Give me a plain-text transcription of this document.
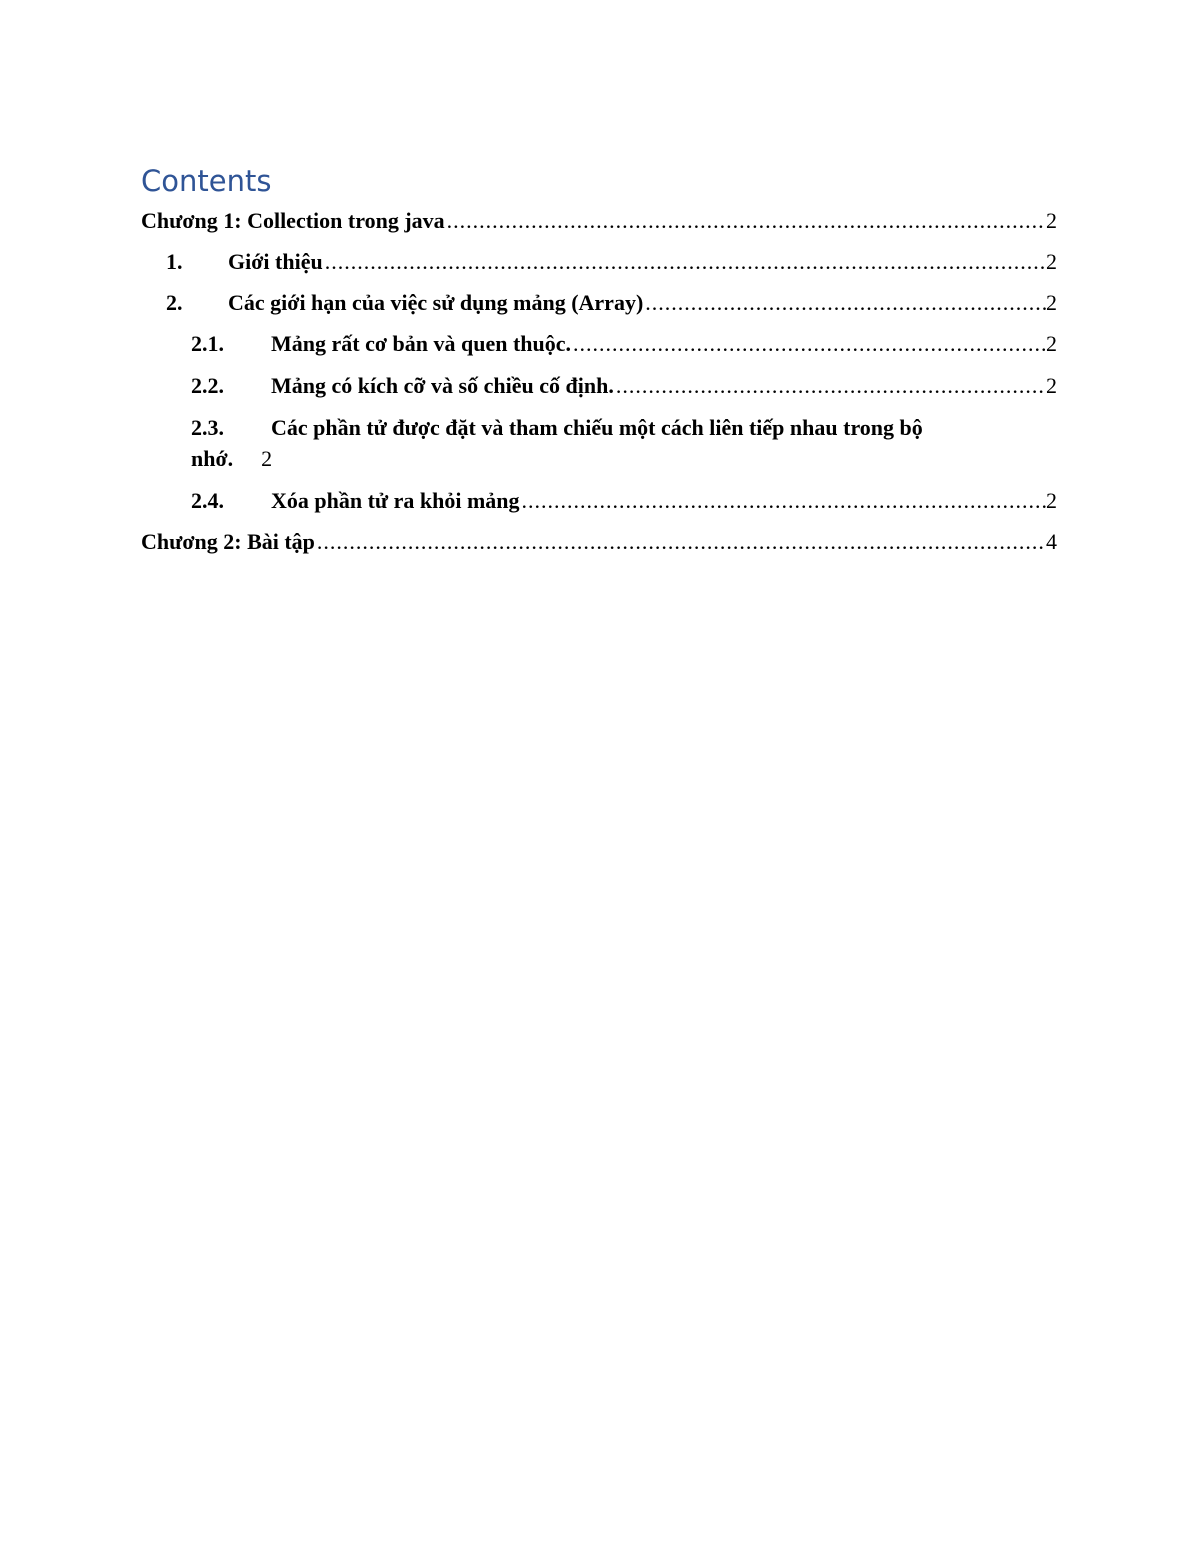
Contents
Chương 1: Collection trong java .....	2
1.	Giới thiệu .....	2
2.	Các giới hạn của việc sử dụng mảng (Array) .....	2
2.1.	Mảng rất cơ bản và quen thuộc. .....	2
2.2.	Mảng có kích cỡ và số chiều cố định. .....	2
2.3. Các phần tử được đặt và tham chiếu một cách liên tiếp nhau trong bộ
nhớ. 2
2.4.	Xóa phần tử ra khỏi mảng .....	2
Chương 2: Bài tập .....	4
